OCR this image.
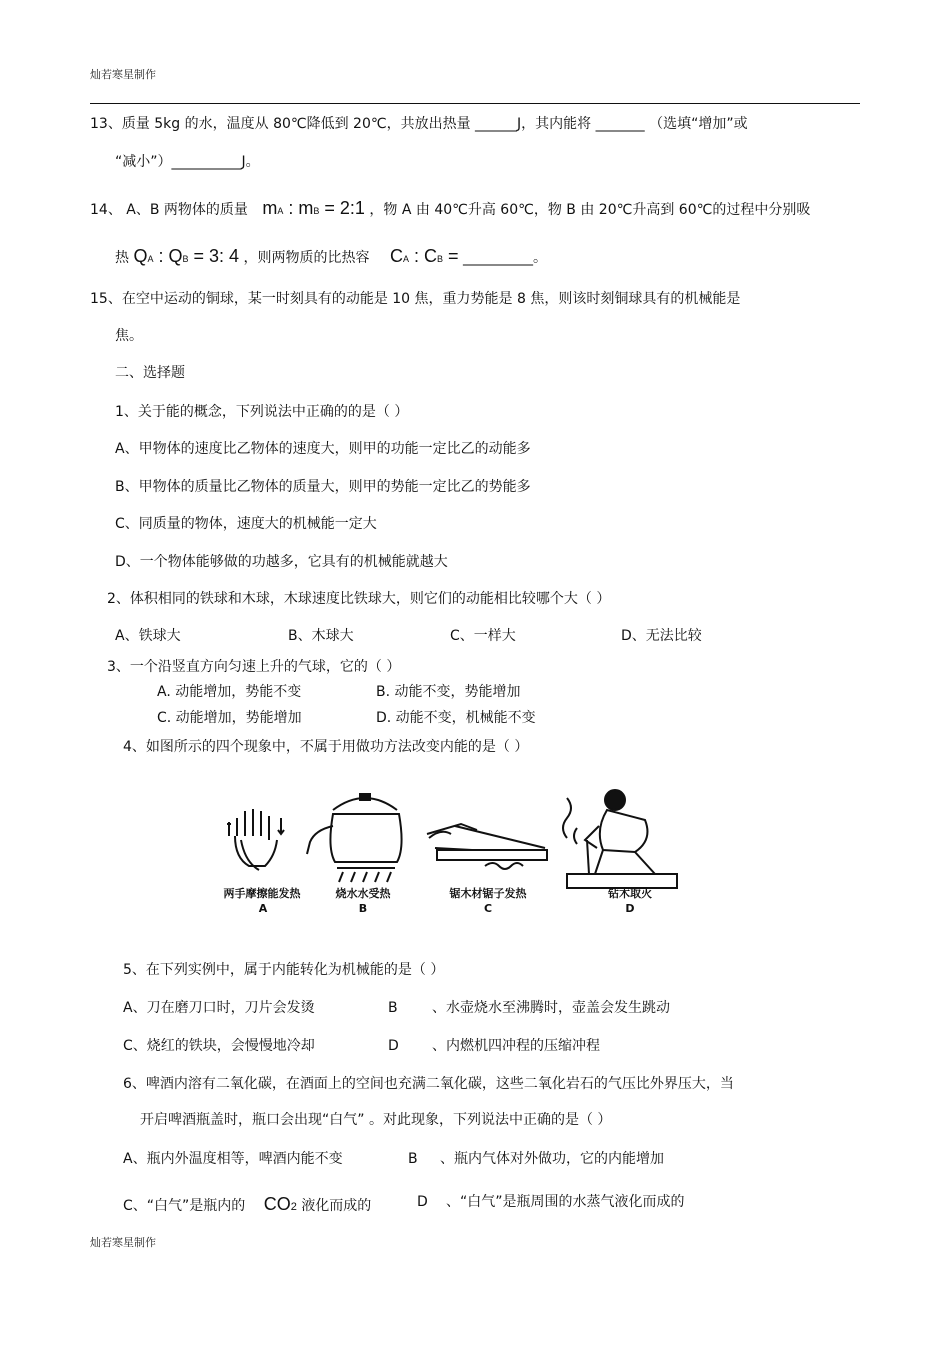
灿若寒星制作
13、质量 5kg 的水，温度从 80℃降低到 20℃，共放出热量 ______J，其内能将 _______ （选填“增加”或
“减小”）__________J。
14、 A、B 两物体的质量 mA : mB = 2:1 ，物 A 由 40℃升高 60℃，物 B 由 20℃升高到 60℃的过程中分别吸
热 QA : QB = 3: 4 ，则两物质的比热容 CA : CB = __________。
15、在空中运动的铜球，某一时刻具有的动能是 10 焦，重力势能是 8 焦，则该时刻铜球具有的机械能是
焦。
二、选择题
1、关于能的概念，下列说法中正确的的是（ ）
A、甲物体的速度比乙物体的速度大，则甲的功能一定比乙的动能多
B、甲物体的质量比乙物体的质量大，则甲的势能一定比乙的势能多
C、同质量的物体，速度大的机械能一定大
D、一个物体能够做的功越多，它具有的机械能就越大
2、体积相同的铁球和木球，木球速度比铁球大，则它们的动能相比较哪个大（ ）
A、铁球大	B、木球大	C、一样大	D、无法比较
3、一个沿竖直方向匀速上升的气球，它的（ ）
A. 动能增加，势能不变	B. 动能不变，势能增加
C. 动能增加，势能增加	D. 动能不变，机械能不变
4、如图所示的四个现象中，不属于用做功方法改变内能的是（ ）
两手摩擦能发热	烧水水受热	锯木材锯子发热	钻木取火
A	B	C	D
5、在下列实例中，属于内能转化为机械能的是（ ）
A、刀在磨刀口时，刀片会发烫	B 、水壶烧水至沸腾时，壶盖会发生跳动
C、烧红的铁块，会慢慢地冷却	D 、内燃机四冲程的压缩冲程
6、啤酒内溶有二氧化碳，在酒面上的空间也充满二氧化碳，这些二氧化岩石的气压比外界压大，当
开启啤酒瓶盖时，瓶口会出现“白气” 。对此现象，下列说法中正确的是（ ）
A、瓶内外温度相等，啤酒内能不变	B 、瓶内气体对外做功，它的内能增加
C、“白气”是瓶内的 CO2 液化而成的	D 、“白气”是瓶周围的水蒸气液化而成的
灿若寒星制作
